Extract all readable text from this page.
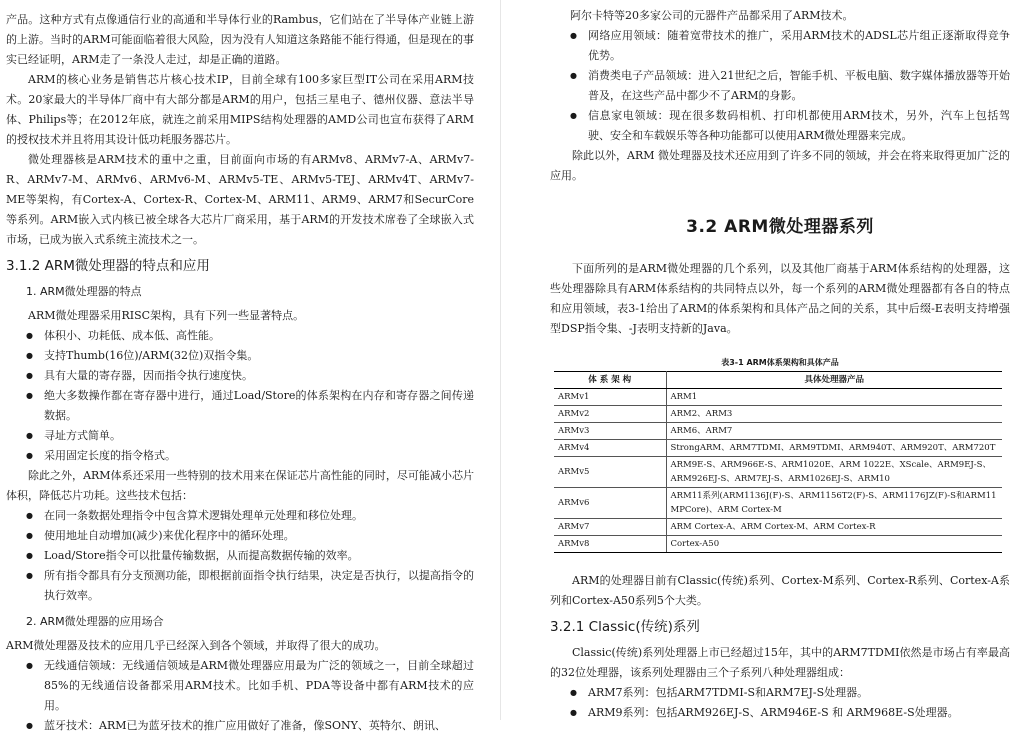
产品。这种方式有点像通信行业的高通和半导体行业的Rambus，它们站在了半导体产业链上游的上游。当时的ARM可能面临着很大风险，因为没有人知道这条路能不能行得通，但是现在的事实已经证明，ARM走了一条没人走过，却是正确的道路。

ARM的核心业务是销售芯片核心技术IP，目前全球有100多家巨型IT公司在采用ARM技术。20家最大的半导体厂商中有大部分都是ARM的用户，包括三星电子、德州仪器、意法半导体、Philips等；在2012年底，就连之前采用MIPS结构处理器的AMD公司也宣布获得了ARM的授权技术并且将用其设计低功耗服务器芯片。

微处理器核是ARM技术的重中之重，目前面向市场的有ARMv8、ARMv7-A、ARMv7-R、ARMv7-M、ARMv6、ARMv6-M、ARMv5-TE、ARMv5-TEJ、ARMv4T、ARMv7-ME等架构，有Cortex-A、Cortex-R、Cortex-M、ARM11、ARM9、ARM7和SecurCore等系列。ARM嵌入式内核已被全球各大芯片厂商采用，基于ARM的开发技术席卷了全球嵌入式市场，已成为嵌入式系统主流技术之一。

3.1.2 ARM微处理器的特点和应用
1. ARM微处理器的特点

ARM微处理器采用RISC架构，具有下列一些显著特点。

● 体积小、功耗低、成本低、高性能。
● 支持Thumb(16位)/ARM(32位)双指令集。
● 具有大量的寄存器，因而指令执行速度快。
● 绝大多数操作都在寄存器中进行，通过Load/Store的体系架构在内存和寄存器之间传递数据。
● 寻址方式简单。
● 采用固定长度的指令格式。

除此之外，ARM体系还采用一些特别的技术用来在保证芯片高性能的同时，尽可能减小芯片体积，降低芯片功耗。这些技术包括：

● 在同一条数据处理指令中包含算术逻辑处理单元处理和移位处理。
● 使用地址自动增加(减少)来优化程序中的循环处理。
● Load/Store指令可以批量传输数据，从而提高数据传输的效率。
● 所有指令都具有分支预测功能，即根据前面指令执行结果，决定是否执行，以提高指令的执行效率。
2. ARM微处理器的应用场合

ARM微处理器及技术的应用几乎已经深入到各个领域，并取得了很大的成功。

● 无线通信领域：无线通信领域是ARM微处理器应用最为广泛的领域之一，目前全球超过85%的无线通信设备都采用ARM技术。比如手机、PDA等设备中都有ARM技术的应用。
● 蓝牙技术：ARM已为蓝牙技术的推广应用做好了准备，像SONY、英特尔、朗讯、

阿尔卡特等20多家公司的元器件产品都采用了ARM技术。

● 网络应用领域：随着宽带技术的推广，采用ARM技术的ADSL芯片组正逐渐取得竞争优势。
● 消费类电子产品领域：进入21世纪之后，智能手机、平板电脑、数字媒体播放器等开始普及，在这些产品中都少不了ARM的身影。
● 信息家电领域：现在很多数码相机、打印机都使用ARM技术，另外，汽车上包括驾驶、安全和车载娱乐等各种功能都可以使用ARM微处理器来完成。

除此以外，ARM 微处理器及技术还应用到了许多不同的领域，并会在将来取得更加广泛的应用。

3.2 ARM微处理器系列

下面所列的是ARM微处理器的几个系列，以及其他厂商基于ARM体系结构的处理器，这些处理器除具有ARM体系结构的共同特点以外，每一个系列的ARM微处理器都有各自的特点和应用领域，表3-1给出了ARM的体系架构和具体产品之间的关系，其中后缀-E表明支持增强型DSP指令集、-J表明支持新的Java。

表3-1 ARM体系架构和具体产品
体 系 架 构	具体处理器产品
ARMv1	ARM1
ARMv2	ARM2、ARM3
ARMv3	ARM6、ARM7
ARMv4	StrongARM、ARM7TDMI、ARM9TDMI、ARM940T、ARM920T、ARM720T
ARMv5	ARM9E-S、ARM966E-S、ARM1020E、ARM 1022E、XScale、ARM9EJ-S、ARM926EJ-S、ARM7EJ-S、ARM1026EJ-S、ARM10
ARMv6	ARM11系列(ARM1136J(F)-S、ARM1156T2(F)-S、ARM1176JZ(F)-S和ARM11 MPCore)、ARM Cortex-M
ARMv7	ARM Cortex-A、ARM Cortex-M、ARM Cortex-R
ARMv8	Cortex-A50

ARM的处理器目前有Classic(传统)系列、Cortex-M系列、Cortex-R系列、Cortex-A系列和Cortex-A50系列5个大类。

3.2.1 Classic(传统)系列

Classic(传统)系列处理器上市已经超过15年，其中的ARM7TDMI依然是市场占有率最高的32位处理器，该系列处理器由三个子系列八种处理器组成：

● ARM7系列：包括ARM7TDMI-S和ARM7EJ-S处理器。
● ARM9系列：包括ARM926EJ-S、ARM946E-S 和 ARM968E-S处理器。
